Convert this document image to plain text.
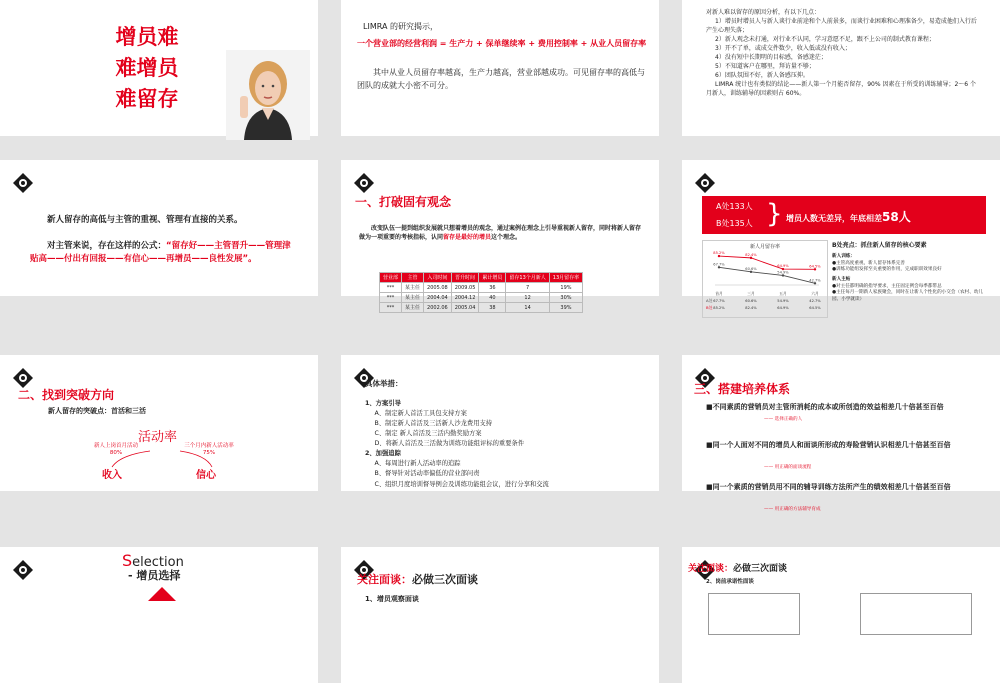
增员难
难增员
难留存
LIMRA 的研究揭示，
一个营业部的经营利润 = 生产力 + 保单继续率 + 费用控制率 + 从业人员留存率
其中从业人员留存率越高，生产力越高，营业部越成功。可见留存率的高低与团队的成就大小密不可分。
对新人难以留存的原因分析，有以下几点：
1）增员时增员人与新人谈行业前途和个人前景多，而谈行业困难和心理准备少，易造成他们入行后产生心理失落；
2）新人观念未打通，对行业不认同，学习意愿不足，跟不上公司的制式教育课程；
3）开不了单，或成交件数少，收入低或没有收入；
4）没有短中长期明的目标感，备感迷茫；
5）不知道客户在哪里，拜访量不够；
6）团队氛围不好，新人备感压抑。
LIMRA 统计也有类似的结论——新人第一个月能否留存，90% 因素在于所受的训练辅导；2～6 个月新人，训练辅导的因素则占 60%。
新人留存的高低与主管的重视、管理有直接的关系。
对主管来说，存在这样的公式：“留存好——主管晋升——管理津贴高——付出有回报——有信心——再增员——良性发展”。
一、打破固有观念
改变队伍一提到组织发展就只想着增员的观念，通过案例在理念上引导重视新人留存，同时将新人留存做为一项重要的考核指标，认同留存是最好的增员这个理念。
营业部	主管	入司时间	晋升时间	累计增员	留存13个月新人	13月留存率
***	某主任	2005.08	2009.05	36	7	19%
***	某主任	2004.04	2004.12	40	12	30%
***	某主任	2002.06	2005.04	38	14	39%
A处133人
B处135人 } 增员人数无差异，年底相差58人
新人月留存率
67.7%
60.6%
54.9%
42.7%
85.2%	82.4%
64.9%	64.5%
首月	三月	五月	六月
A处 67.7%	60.6%	54.9%	42.7%
B处 85.2%	82.4%	64.9%	64.5%
B处亮点：抓住新人留存的核心要素
新人训练：
●主管高度重视，新人留存体系完善
●训练功能组发挥至关重要的作用，完成职训效果良好
新人主帖
●对主任都明确的指导要求，主任固定例会每季都带总
●主任每月一期新人家族聚会，同时在让新人个性化的小交会（农村、幼儿园、小学就读）
二、找到突破方向
新人留存的突破点：首活和三活
活动率
新人上岗首月活动 80%
三个月内新人活动率 75%
收入	信心
具体举措：
1、方案引导
A、制定新人首活工具包支持方案
B、制定新人首活及三活新人沙龙费用支持
C、制定 新人首活及三活内勤奖励方案
D、将新人首活及三活做为训练功能组评标的重要条件
2、加强追踪
A、每周进行新人活动率的追踪
B、督导针对活动率偏低的营业部问责
C、组织月度培训督导例会及训练功能组会议，进行分享和交流
三、搭建培养体系
■不同素质的营销员对主管所消耗的成本或所创造的效益相差几十倍甚至百倍
—— 选择正确的人
■同一个人面对不同的增员人和面谈所形成的寿险营销认识相差几十倍甚至百倍
—— 用正确的面谈流程
■同一个素质的营销员用不同的辅导训练方法所产生的绩效相差几十倍甚至百倍
—— 用正确的方法辅导育成
Selection
- 增员选择	关注面谈：必做三次面谈
1、增员观察面谈
关注面谈：必做三次面谈
2、岗前承诺性面谈
